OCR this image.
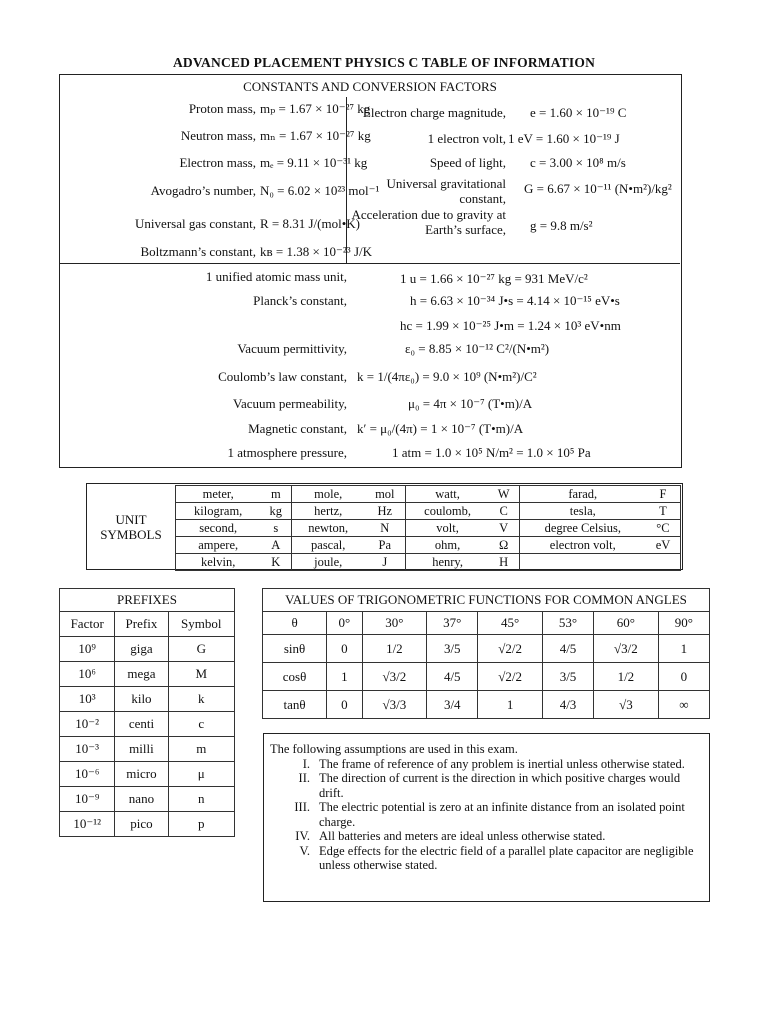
ADVANCED PLACEMENT PHYSICS C TABLE OF INFORMATION
CONSTANTS AND CONVERSION FACTORS
Proton mass, mₚ = 1.67 × 10⁻²⁷ kg
Neutron mass, mₙ = 1.67 × 10⁻²⁷ kg
Electron mass, mₑ = 9.11 × 10⁻³¹ kg
Avogadro’s number, N₀ = 6.02 × 10²³ mol⁻¹
Universal gas constant, R = 8.31 J/(mol•K)
Boltzmann’s constant, kʙ = 1.38 × 10⁻²³ J/K
Electron charge magnitude, e = 1.60 × 10⁻¹⁹ C
1 electron volt, 1 eV = 1.60 × 10⁻¹⁹ J
Speed of light, c = 3.00 × 10⁸ m/s
Universal gravitational constant,
G = 6.67 × 10⁻¹¹ (N•m²)/kg²
Acceleration due to gravity at Earth’s surface, g = 9.8 m/s²
1 unified atomic mass unit,	1 u = 1.66 × 10⁻²⁷ kg = 931 MeV/c²
Planck’s constant,	h = 6.63 × 10⁻³⁴ J•s = 4.14 × 10⁻¹⁵ eV•s
hc = 1.99 × 10⁻²⁵ J•m = 1.24 × 10³ eV•nm
Vacuum permittivity,	ε₀ = 8.85 × 10⁻¹² C²/(N•m²)
Coulomb’s law constant, k = 1/(4πε₀) = 9.0 × 10⁹ (N•m²)/C²
Vacuum permeability,	μ₀ = 4π × 10⁻⁷ (T•m)/A
Magnetic constant, k′ = μ₀/(4π) = 1 × 10⁻⁷ (T•m)/A
1 atmosphere pressure,	1 atm = 1.0 × 10⁵ N/m² = 1.0 × 10⁵ Pa
UNIT
SYMBOLS
meter,	m	mole,	mol	watt,	W	farad,	F
kilogram,	kg	hertz,	Hz	coulomb,	C	tesla,	T
second,	s	newton,	N	volt,	V	degree Celsius,	°C
ampere,	A	pascal,	Pa	ohm,	Ω	electron volt,	eV
kelvin,	K	joule,	J	henry,	H		
PREFIXES		
Factor	Prefix	Symbol
10⁹	giga	G
10⁶	mega	M
10³	kilo	k
10⁻²	centi	c
10⁻³	milli	m
10⁻⁶	micro	μ
10⁻⁹	nano	n
10⁻¹²	pico	p
VALUES OF TRIGONOMETRIC FUNCTIONS FOR COMMON ANGLES							
θ	0°	30°	37°	45°	53°	60°	90°
sinθ	0	1/2	3/5	√2/2	4/5	√3/2	1
cosθ	1	√3/2	4/5	√2/2	3/5	1/2	0
tanθ	0	√3/3	3/4	1	4/3	√3	∞

The following assumptions are used in this exam.

I. The frame of reference of any problem is inertial unless otherwise stated.
II. The direction of current is the direction in which positive charges would drift.
III. The electric potential is zero at an infinite distance from an isolated point charge.
IV. All batteries and meters are ideal unless otherwise stated.
V. Edge effects for the electric field of a parallel plate capacitor are negligible unless otherwise stated.
